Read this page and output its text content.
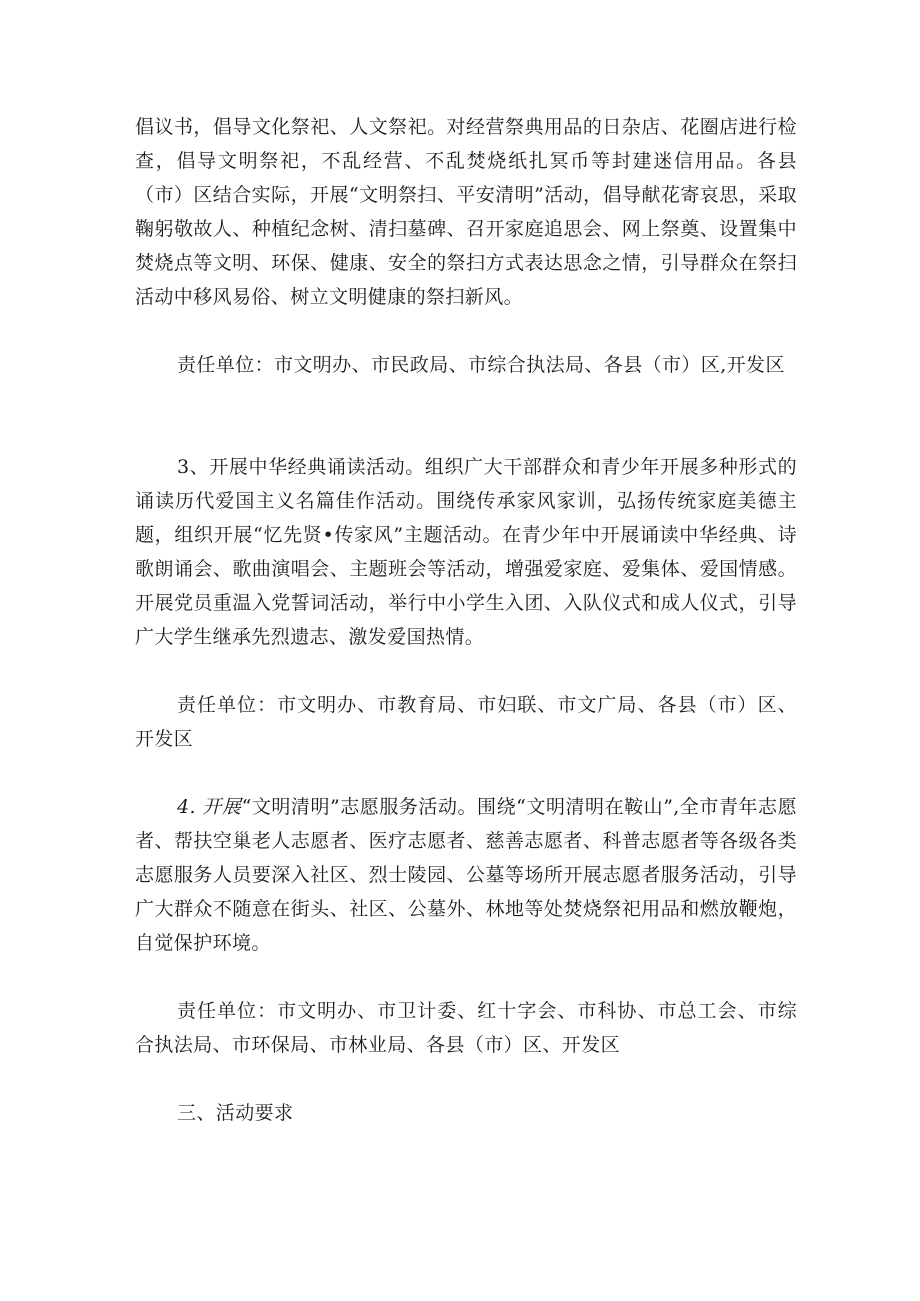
倡议书，倡导文化祭祀、人文祭祀。对经营祭典用品的日杂店、花圈店进行检查，倡导文明祭祀，不乱经营、不乱焚烧纸扎冥币等封建迷信用品。各县（市）区结合实际，开展“文明祭扫、平安清明”活动，倡导献花寄哀思，采取鞠躬敬故人、种植纪念树、清扫墓碑、召开家庭追思会、网上祭奠、设置集中焚烧点等文明、环保、健康、安全的祭扫方式表达思念之情，引导群众在祭扫活动中移风易俗、树立文明健康的祭扫新风。

责任单位：市文明办、市民政局、市综合执法局、各县（市）区,开发区

3、开展中华经典诵读活动。组织广大干部群众和青少年开展多种形式的诵读历代爱国主义名篇佳作活动。围绕传承家风家训，弘扬传统家庭美德主题，组织开展“忆先贤•传家风”主题活动。在青少年中开展诵读中华经典、诗歌朗诵会、歌曲演唱会、主题班会等活动，增强爱家庭、爱集体、爱国情感。开展党员重温入党誓词活动，举行中小学生入团、入队仪式和成人仪式，引导广大学生继承先烈遗志、激发爱国热情。

责任单位：市文明办、市教育局、市妇联、市文广局、各县（市）区、开发区

4. 开展“文明清明”志愿服务活动。围绕“文明清明在鞍山”,全市青年志愿者、帮扶空巢老人志愿者、医疗志愿者、慈善志愿者、科普志愿者等各级各类志愿服务人员要深入社区、烈士陵园、公墓等场所开展志愿者服务活动，引导广大群众不随意在街头、社区、公墓外、林地等处焚烧祭祀用品和燃放鞭炮，自觉保护环境。

责任单位：市文明办、市卫计委、红十字会、市科协、市总工会、市综合执法局、市环保局、市林业局、各县（市）区、开发区

三、活动要求
